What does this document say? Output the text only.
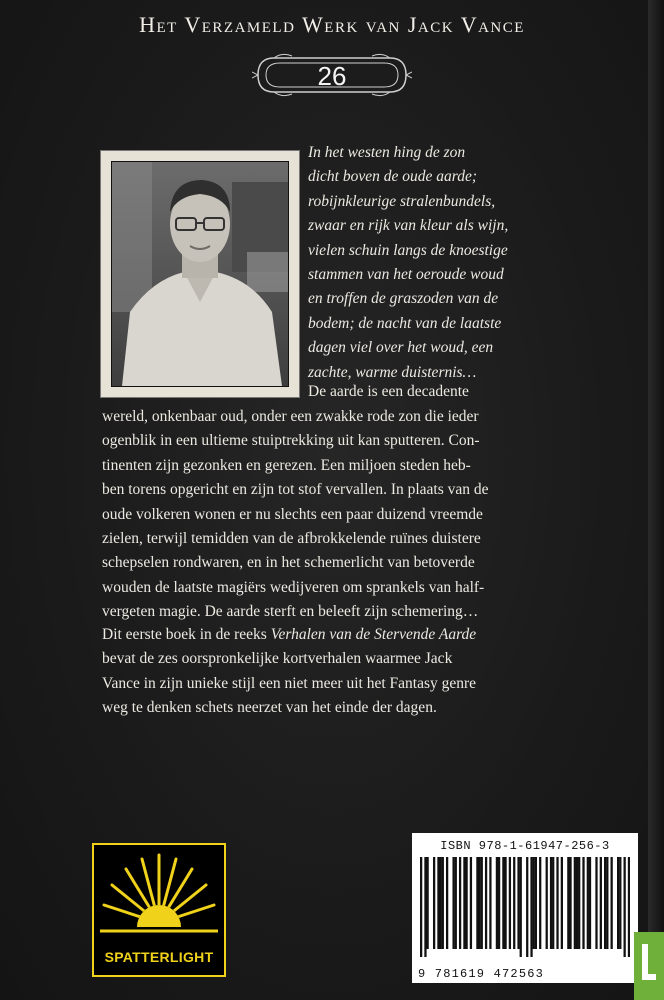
Het Verzameld Werk van Jack Vance
26

In het westen hing de zon
dicht boven de oude aarde;
robijnkleurige stralenbundels,
zwaar en rijk van kleur als wijn,
vielen schuin langs de knoestige
stammen van het oeroude woud
en troffen de graszoden van de
bodem; de nacht van de laatste
dagen viel over het woud, een
zachte, warme duisternis…

De aarde is een decadente

wereld, onkenbaar oud, onder een zwakke rode zon die ieder
ogenblik in een ultieme stuiptrekking uit kan sputteren. Con-
tinenten zijn gezonken en gerezen. Een miljoen steden heb-
ben torens opgericht en zijn tot stof vervallen. In plaats van de
oude volkeren wonen er nu slechts een paar duizend vreemde
zielen, terwijl temidden van de afbrokkelende ruïnes duistere
schepselen rondwaren, en in het schemerlicht van betoverde
wouden de laatste magiërs wedijveren om sprankels van half-
vergeten magie. De aarde sterft en beleeft zijn schemering…

Dit eerste boek in de reeks Verhalen van de Stervende Aarde
bevat de zes oorspronkelijke kortverhalen waarmee Jack
Vance in zijn unieke stijl een niet meer uit het Fantasy genre
weg te denken schets neerzet van het einde der dagen.

SPATTERLIGHT
ISBN 978-1-61947-256-3
9 781619 472563
